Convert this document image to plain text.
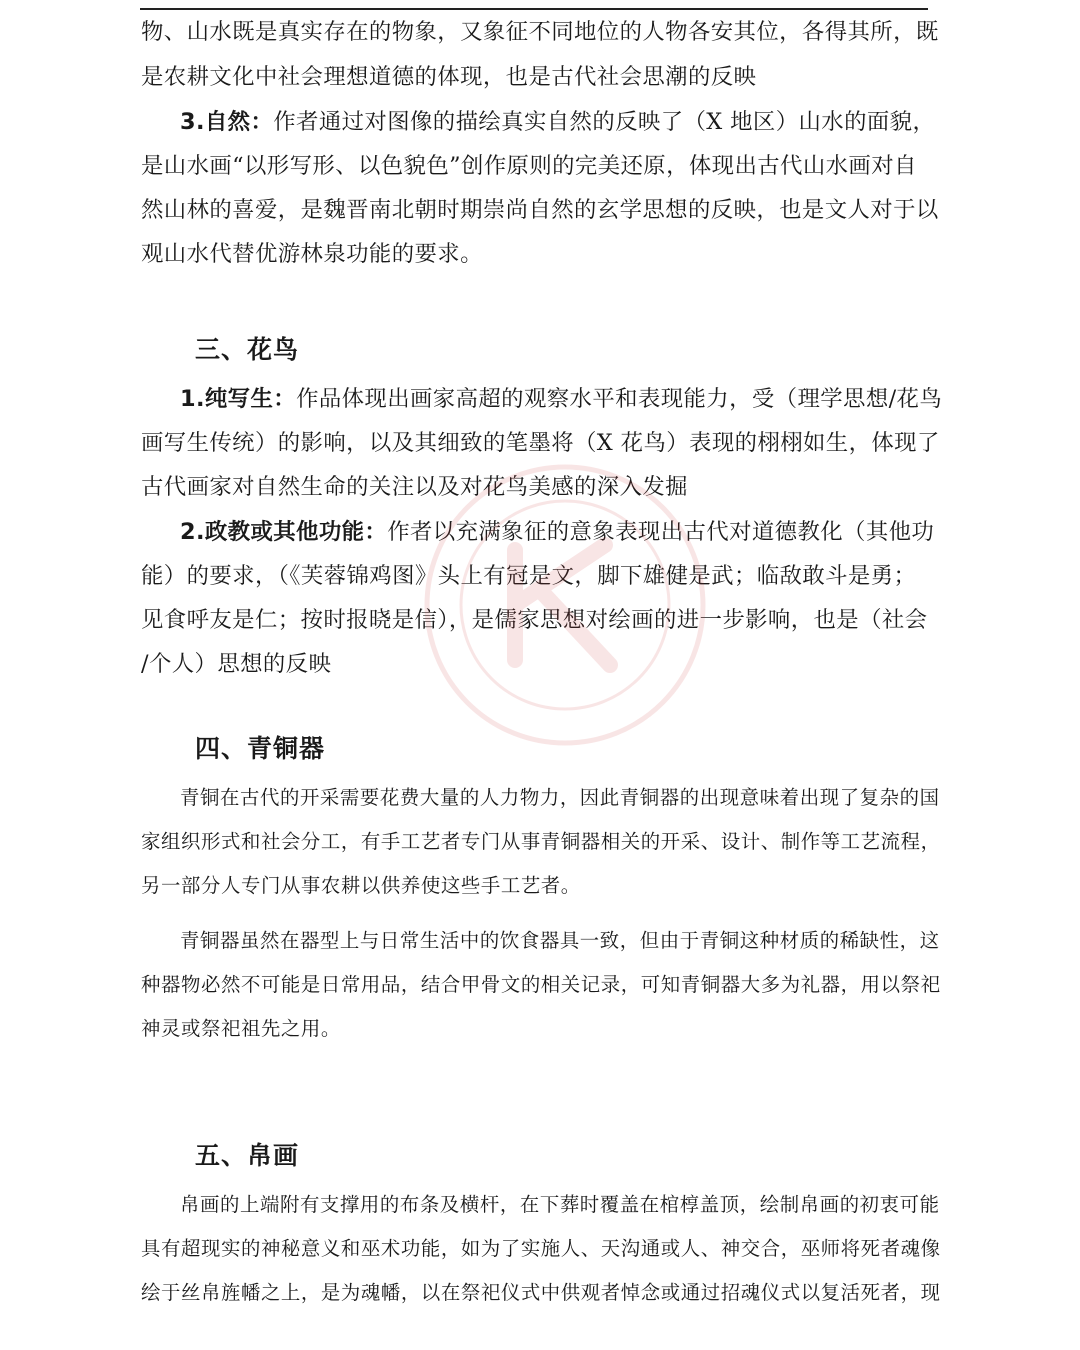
物、山水既是真实存在的物象，又象征不同地位的人物各安其位，各得其所，既
是农耕文化中社会理想道德的体现，也是古代社会思潮的反映
3.自然：作者通过对图像的描绘真实自然的反映了（X 地区）山水的面貌，
是山水画“以形写形、以色貌色”创作原则的完美还原，体现出古代山水画对自
然山林的喜爱，是魏晋南北朝时期崇尚自然的玄学思想的反映，也是文人对于以
观山水代替优游林泉功能的要求。
三、花鸟
1.纯写生：作品体现出画家高超的观察水平和表现能力，受（理学思想/花鸟
画写生传统）的影响，以及其细致的笔墨将（X 花鸟）表现的栩栩如生，体现了
古代画家对自然生命的关注以及对花鸟美感的深入发掘
2.政教或其他功能：作者以充满象征的意象表现出古代对道德教化（其他功
能）的要求，（《芙蓉锦鸡图》头上有冠是文，脚下雄健是武；临敌敢斗是勇；
见食呼友是仁；按时报晓是信），是儒家思想对绘画的进一步影响，也是（社会
/个人）思想的反映
四、青铜器
青铜在古代的开采需要花费大量的人力物力，因此青铜器的出现意味着出现了复杂的国
家组织形式和社会分工，有手工艺者专门从事青铜器相关的开采、设计、制作等工艺流程，
另一部分人专门从事农耕以供养使这些手工艺者。
青铜器虽然在器型上与日常生活中的饮食器具一致，但由于青铜这种材质的稀缺性，这
种器物必然不可能是日常用品，结合甲骨文的相关记录，可知青铜器大多为礼器，用以祭祀
神灵或祭祀祖先之用。
五、帛画
帛画的上端附有支撑用的布条及横杆，在下葬时覆盖在棺椁盖顶，绘制帛画的初衷可能
具有超现实的神秘意义和巫术功能，如为了实施人、天沟通或人、神交合，巫师将死者魂像
绘于丝帛旌幡之上，是为魂幡，以在祭祀仪式中供观者悼念或通过招魂仪式以复活死者，现
